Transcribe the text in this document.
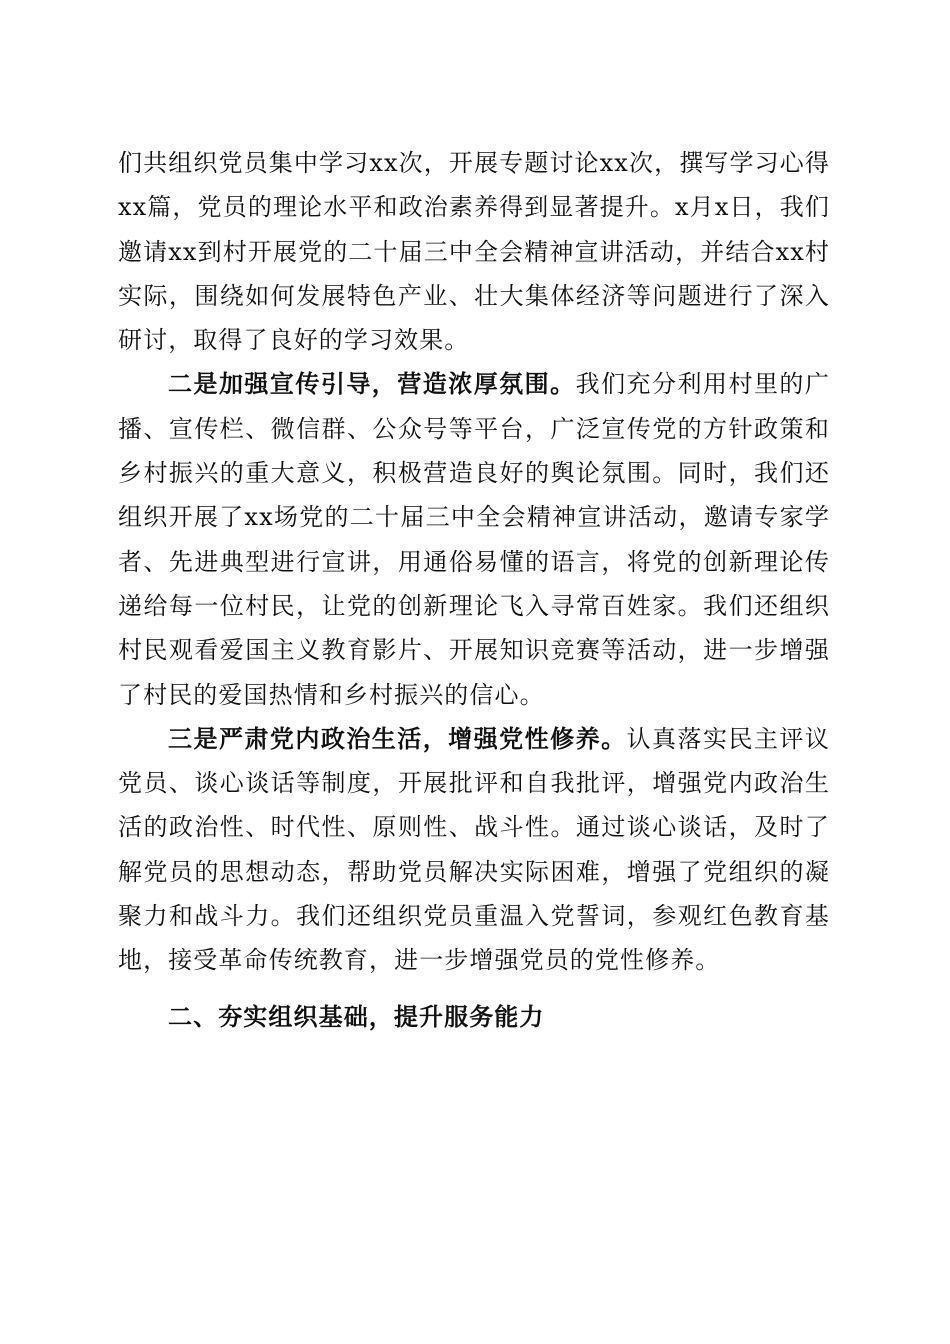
们共组织党员集中学习xx次，开展专题讨论xx次，撰写学习心得xx篇，党员的理论水平和政治素养得到显著提升。x月x日，我们邀请xx到村开展党的二十届三中全会精神宣讲活动，并结合xx村实际，围绕如何发展特色产业、壮大集体经济等问题进行了深入研讨，取得了良好的学习效果。

二是加强宣传引导，营造浓厚氛围。我们充分利用村里的广播、宣传栏、微信群、公众号等平台，广泛宣传党的方针政策和乡村振兴的重大意义，积极营造良好的舆论氛围。同时，我们还组织开展了xx场党的二十届三中全会精神宣讲活动，邀请专家学者、先进典型进行宣讲，用通俗易懂的语言，将党的创新理论传递给每一位村民，让党的创新理论飞入寻常百姓家。我们还组织村民观看爱国主义教育影片、开展知识竞赛等活动，进一步增强了村民的爱国热情和乡村振兴的信心。

三是严肃党内政治生活，增强党性修养。认真落实民主评议党员、谈心谈话等制度，开展批评和自我批评，增强党内政治生活的政治性、时代性、原则性、战斗性。通过谈心谈话，及时了解党员的思想动态，帮助党员解决实际困难，增强了党组织的凝聚力和战斗力。我们还组织党员重温入党誓词，参观红色教育基地，接受革命传统教育，进一步增强党员的党性修养。

二、夯实组织基础，提升服务能力
